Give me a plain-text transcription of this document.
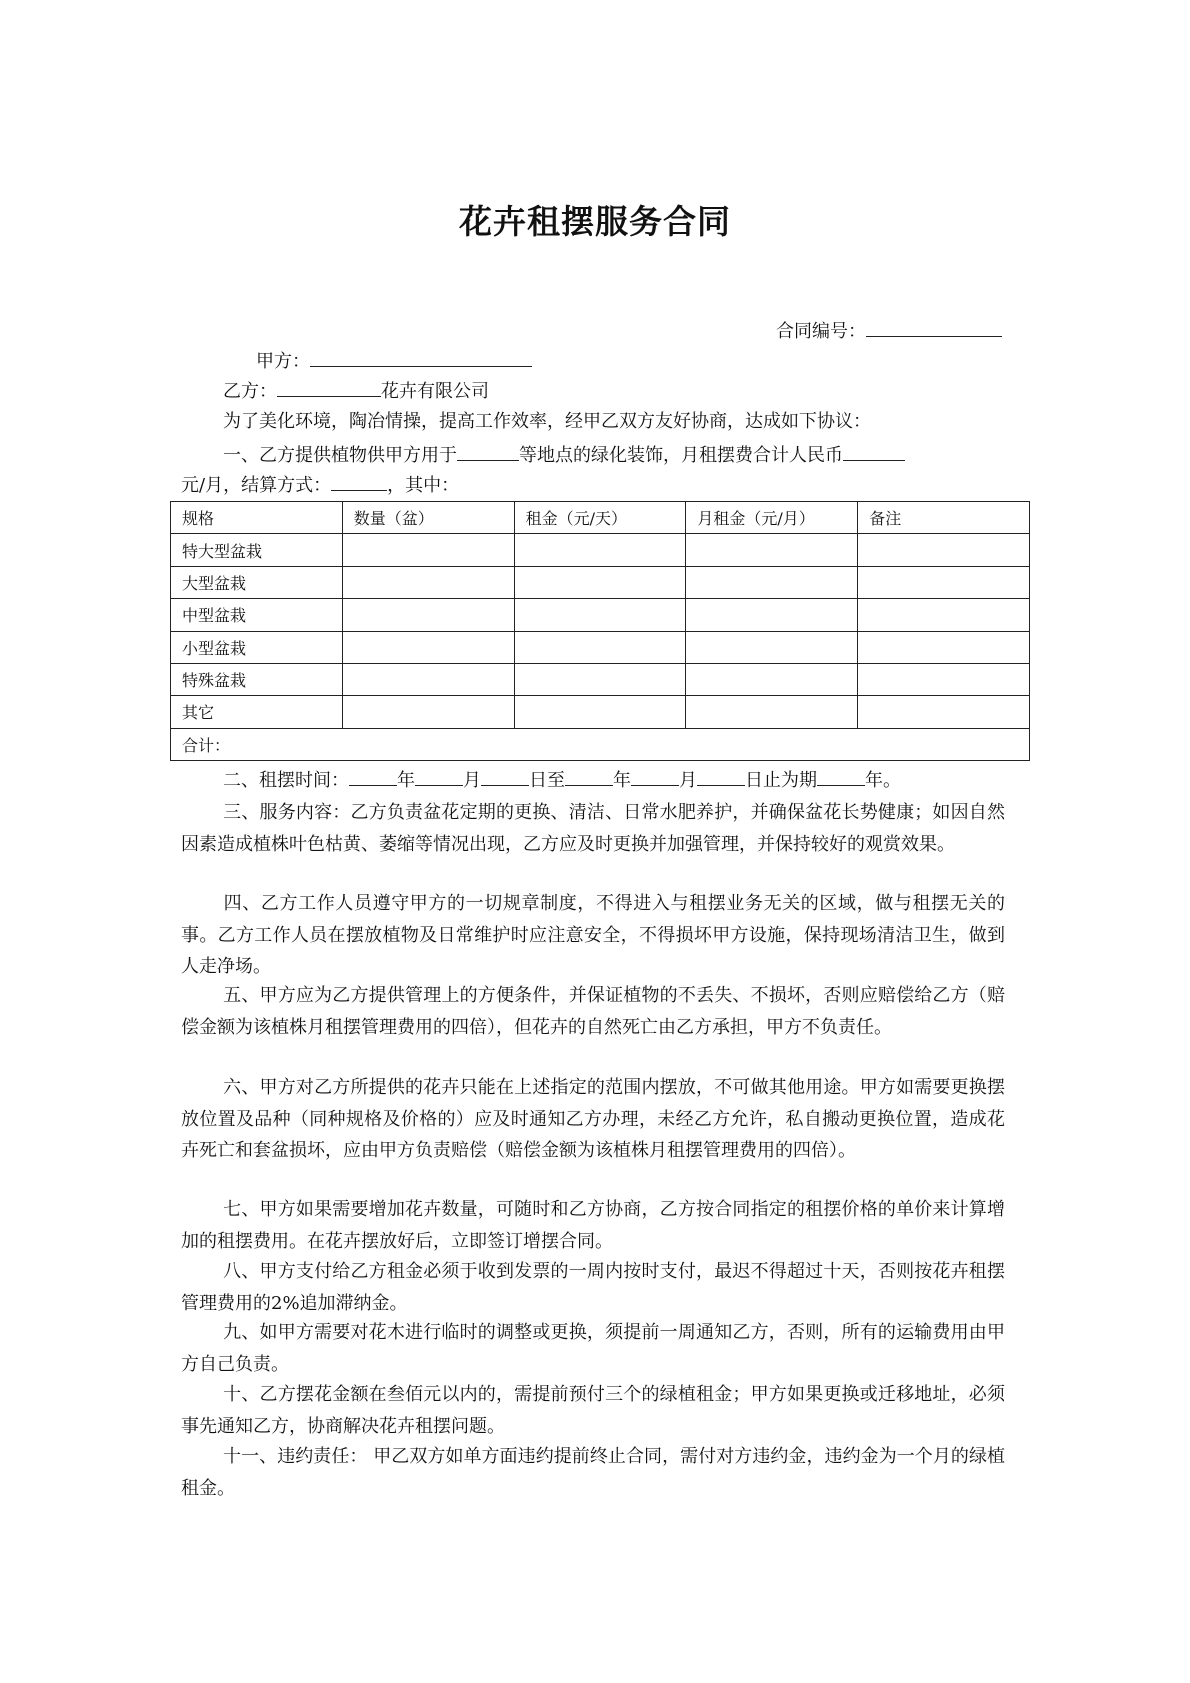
花卉租摆服务合同
合同编号：
甲方：
乙方：	花卉有限公司
为了美化环境，陶冶情操，提高工作效率，经甲乙双方友好协商，达成如下协议：
一、乙方提供植物供甲方用于	等地点的绿化装饰，月租摆费合计人民币
元/月，结算方式：	，其中：
规格	数量（盆）	租金（元/天）	月租金（元/月）	备注
特大型盆栽				
大型盆栽				
中型盆栽				
小型盆栽				
特殊盆栽				
其它				
合计：				
二、租摆时间：	年	月	日至	年	月	日止为期	年。
三、服务内容：乙方负责盆花定期的更换、清洁、日常水肥养护，并确保盆花长势健康；如因自然因素造成植株叶色枯黄、萎缩等情况出现，乙方应及时更换并加强管理，并保持较好的观赏效果。
四、乙方工作人员遵守甲方的一切规章制度，不得进入与租摆业务无关的区域，做与租摆无关的事。乙方工作人员在摆放植物及日常维护时应注意安全，不得损坏甲方设施，保持现场清洁卫生，做到人走净场。
五、甲方应为乙方提供管理上的方便条件，并保证植物的不丢失、不损坏，否则应赔偿给乙方（赔偿金额为该植株月租摆管理费用的四倍），但花卉的自然死亡由乙方承担，甲方不负责任。
六、甲方对乙方所提供的花卉只能在上述指定的范围内摆放，不可做其他用途。甲方如需要更换摆放位置及品种（同种规格及价格的）应及时通知乙方办理，未经乙方允许，私自搬动更换位置，造成花卉死亡和套盆损坏，应由甲方负责赔偿（赔偿金额为该植株月租摆管理费用的四倍）。
七、甲方如果需要增加花卉数量，可随时和乙方协商，乙方按合同指定的租摆价格的单价来计算增加的租摆费用。在花卉摆放好后，立即签订增摆合同。
八、甲方支付给乙方租金必须于收到发票的一周内按时支付，最迟不得超过十天，否则按花卉租摆管理费用的2%追加滞纳金。
九、如甲方需要对花木进行临时的调整或更换，须提前一周通知乙方，否则，所有的运输费用由甲方自己负责。
十、乙方摆花金额在叁佰元以内的，需提前预付三个的绿植租金；甲方如果更换或迁移地址，必须事先通知乙方，协商解决花卉租摆问题。
十一、违约责任： 甲乙双方如单方面违约提前终止合同，需付对方违约金，违约金为一个月的绿植租金。
